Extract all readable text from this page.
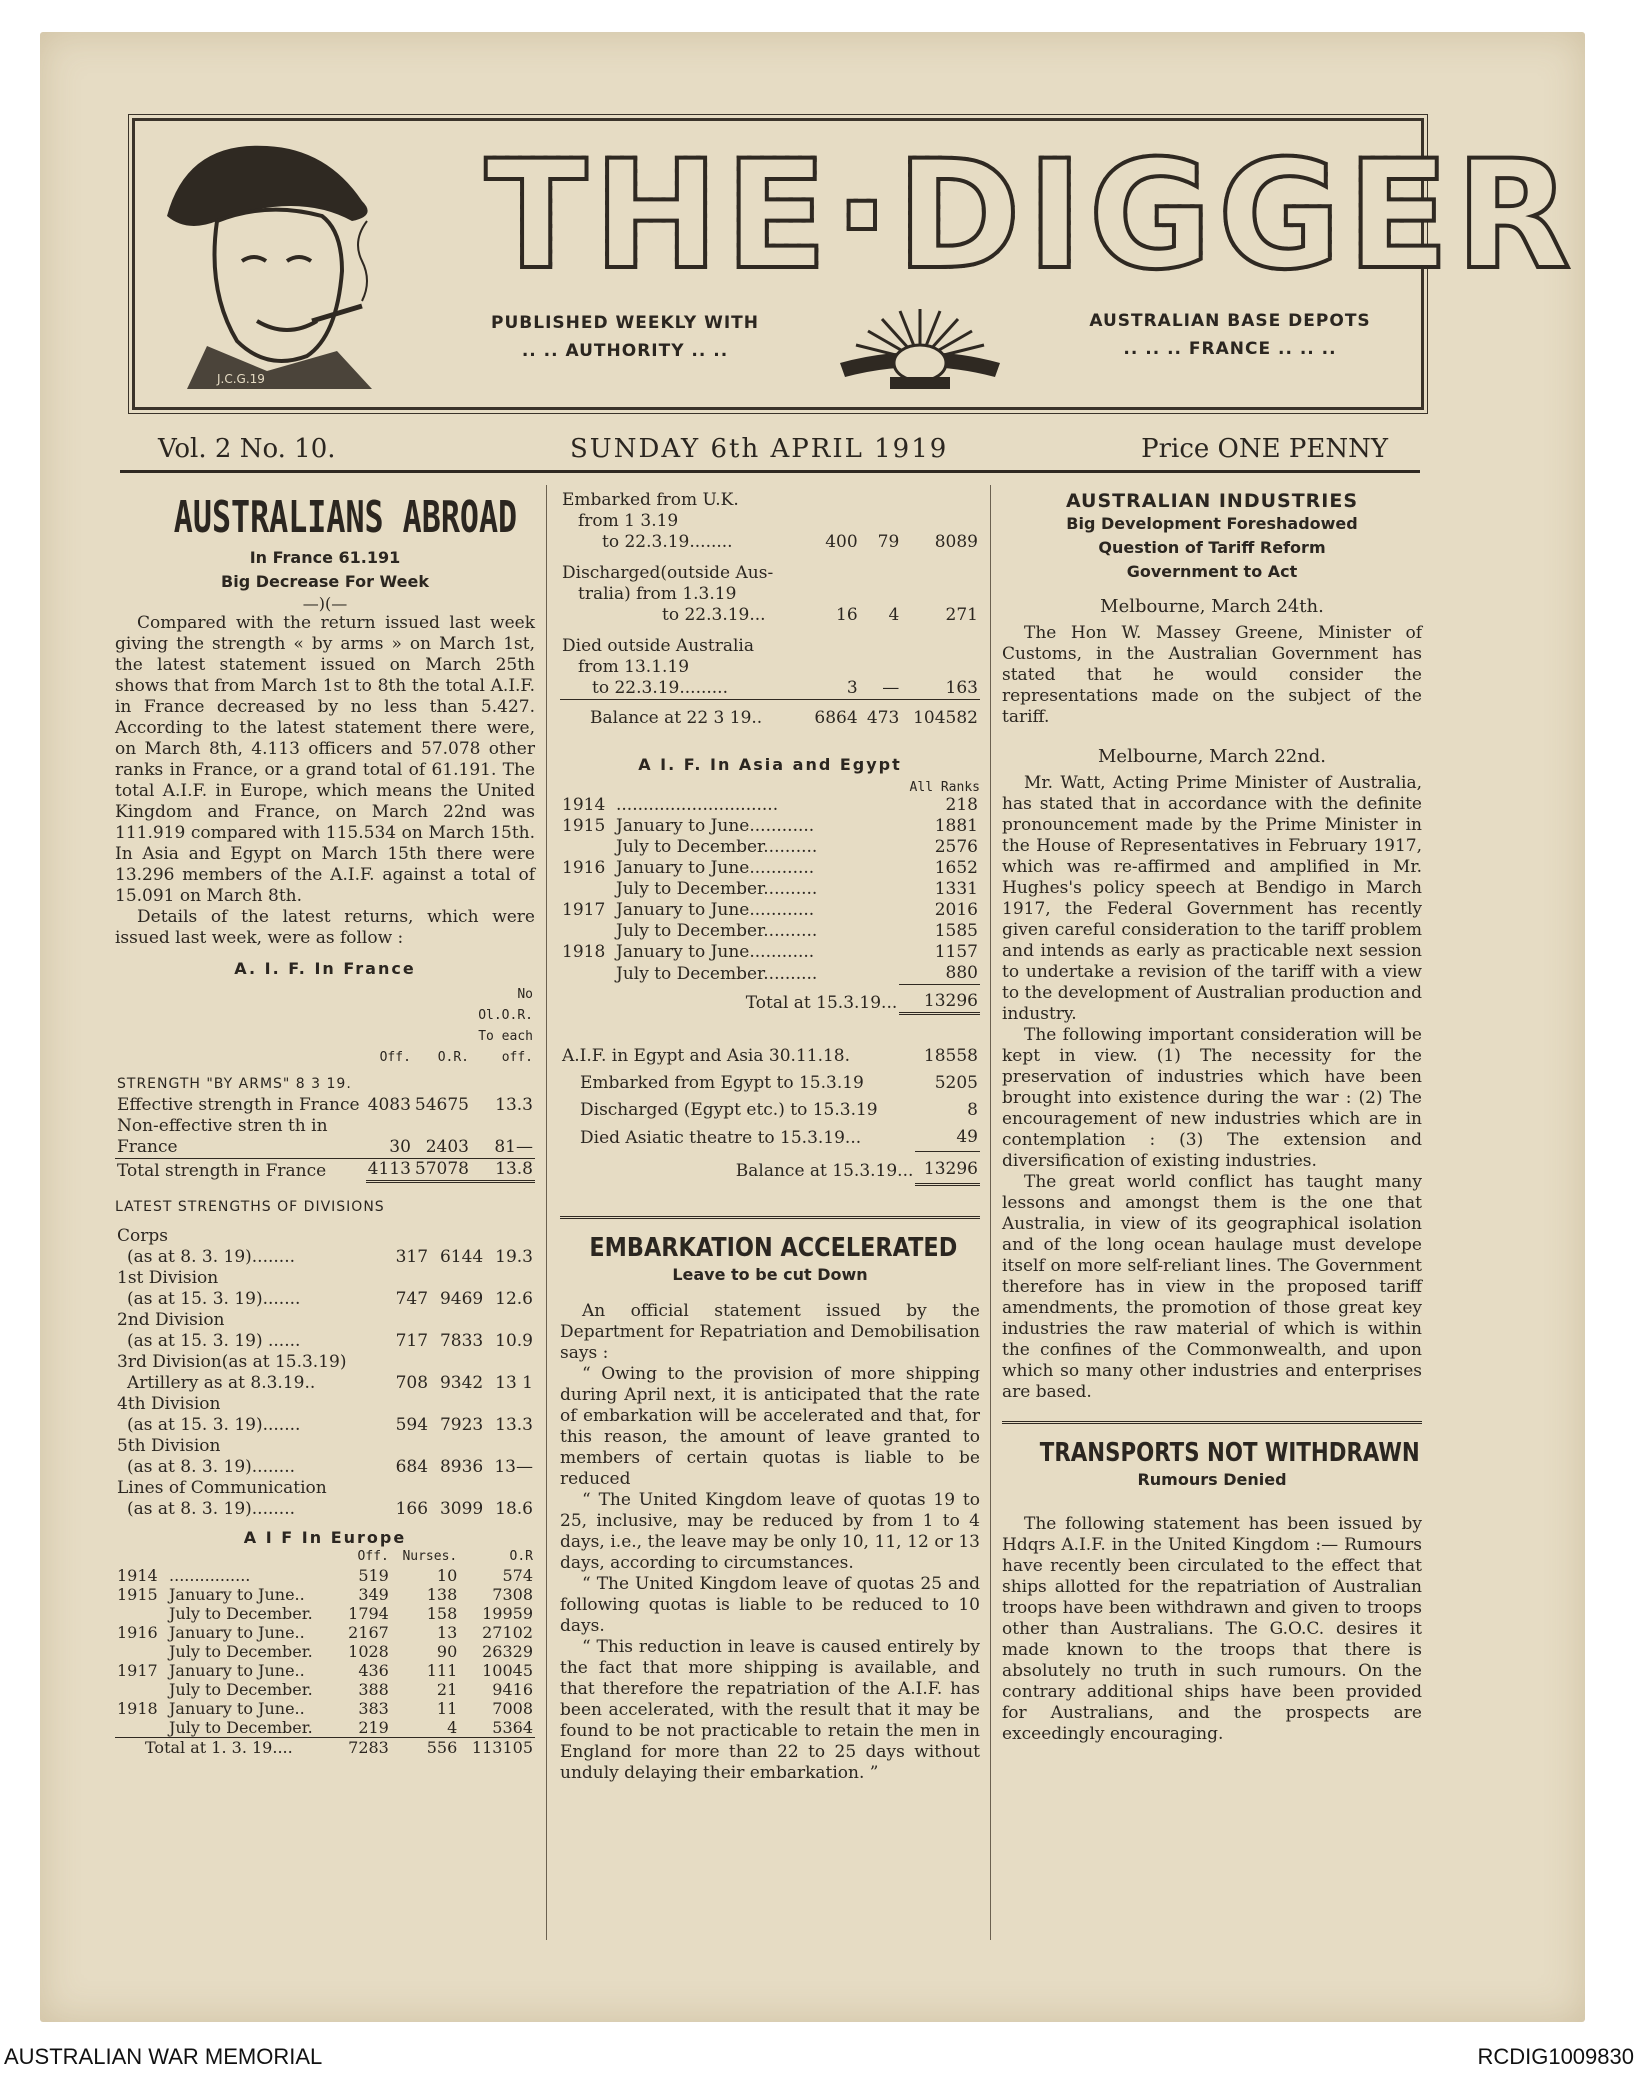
J.C.G.19
THE·DIGGER
PUBLISHED WEEKLY WITH
.. .. AUTHORITY .. ..
AUSTRALIAN BASE DEPOTS
.. .. .. FRANCE .. .. ..
Vol. 2 No. 10.	SUNDAY 6th APRIL 1919	Price ONE PENNY
AUSTRALIANS ABROAD
In France 61.191
Big Decrease For Week
—)(—

Compared with the return issued last week giving the strength « by arms » on March 1st, the latest statement issued on March 25th shows that from March 1st to 8th the total A.I.F. in France decreased by no less than 5.427. According to the latest statement there were, on March 8th, 4.113 officers and 57.078 other ranks in France, or a grand total of 61.191. The total A.I.F. in Europe, which means the United Kingdom and France, on March 22nd was 111.919 compared with 115.534 on March 15th. In Asia and Egypt on March 15th there were 13.296 members of the A.I.F. against a total of 15.091 on March 8th.

Details of the latest returns, which were issued last week, were as follow :

A. I. F. In France
	Off.	O.R.	No Ol.O.R. To each off.
STRENGTH "BY ARMS" 8 3 19.			
Effective strength in France	4083	54675	13.3
Non-effective stren th in France	30	2403	81—
Total strength in France	4113	57078	13.8
LATEST STRENGTHS OF DIVISIONS			
Corps
(as at 8. 3. 19)........	317	6144	19.3

1st Division
(as at 15. 3. 19).......	747	9469	12.6

2nd Division
(as at 15. 3. 19) ......	717	7833	10.9

3rd Division(as at 15.3.19)
Artillery as at 8.3.19..	708	9342	13 1

4th Division
(as at 15. 3. 19).......	594	7923	13.3

5th Division
(as at 8. 3. 19)........	684	8936	13—

Lines of Communication
(as at 8. 3. 19)........	166	3099	18.6
A I F In Europe
		Off.	Nurses.	O.R
1914	................	519	10	574
1915	January to June..	349	138	7308
	July to December.	1794	158	19959
1916	January to June..	2167	13	27102
	July to December.	1028	90	26329
1917	January to June..	436	111	10045
	July to December.	388	21	9416
1918	January to June..	383	11	7008
	July to December.	219	4	5364
Total at 1. 3. 19....		7283	556	113105
Embarked from U.K.
from 1 3.19
to 22.3.19........	400	79	8089

Discharged(outside Aus-
tralia) from 1.3.19
to 22.3.19...	16	4	271

Died outside Australia
from 13.1.19
to 22.3.19.........	3	—	163
Balance at 22 3 19..	6864	473	104582
A I. F. In Asia and Egypt
All Ranks
1914	..............................	218
1915	January to June............	1881
	July to December..........	2576
1916	January to June............	1652
	July to December..........	1331
1917	January to June............	2016
	July to December..........	1585
1918	January to June............	1157
	July to December..........	880
	Total at 15.3.19...	13296
A.I.F. in Egypt and Asia 30.11.18.	18558
Embarked from Egypt to 15.3.19	5205
Discharged (Egypt etc.) to 15.3.19	8
Died Asiatic theatre to 15.3.19...	49
Balance at 15.3.19...	13296
EMBARKATION ACCELERATED
Leave to be cut Down

An official statement issued by the Department for Repatriation and Demobilisation says :

“ Owing to the provision of more shipping during April next, it is anticipated that the rate of embarkation will be accelerated and that, for this reason, the amount of leave granted to members of certain quotas is liable to be reduced

“ The United Kingdom leave of quotas 19 to 25, inclusive, may be reduced by from 1 to 4 days, i.e., the leave may be only 10, 11, 12 or 13 days, according to circumstances.

“ The United Kingdom leave of quotas 25 and following quotas is liable to be reduced to 10 days.

“ This reduction in leave is caused entirely by the fact that more shipping is available, and that therefore the repatriation of the A.I.F. has been accelerated, with the result that it may be found to be not practicable to retain the men in England for more than 22 to 25 days without unduly delaying their embarkation. ”

AUSTRALIAN INDUSTRIES
Big Development Foreshadowed
Question of Tariff Reform
Government to Act
Melbourne, March 24th.

The Hon W. Massey Greene, Minister of Customs, in the Australian Government has stated that he would consider the representations made on the subject of the tariff.

Melbourne, March 22nd.

Mr. Watt, Acting Prime Minister of Australia, has stated that in accordance with the definite pronouncement made by the Prime Minister in the House of Representatives in February 1917, which was re-affirmed and amplified in Mr. Hughes's policy speech at Bendigo in March 1917, the Federal Government has recently given careful consideration to the tariff problem and intends as early as practicable next session to undertake a revision of the tariff with a view to the development of Australian production and industry.

The following important consideration will be kept in view. (1) The necessity for the preservation of industries which have been brought into existence during the war : (2) The encouragement of new industries which are in contemplation : (3) The extension and diversification of existing industries.

The great world conflict has taught many lessons and amongst them is the one that Australia, in view of its geographical isolation and of the long ocean haulage must develope itself on more self-reliant lines. The Government therefore has in view in the proposed tariff amendments, the promotion of those great key industries the raw material of which is within the confines of the Commonwealth, and upon which so many other industries and enterprises are based.

TRANSPORTS NOT WITHDRAWN
Rumours Denied

The following statement has been issued by Hdqrs A.I.F. in the United Kingdom :— Rumours have recently been circulated to the effect that ships allotted for the repatriation of Australian troops have been withdrawn and given to troops other than Australians. The G.O.C. desires it made known to the troops that there is absolutely no truth in such rumours. On the contrary additional ships have been provided for Australians, and the prospects are exceedingly encouraging.

AUSTRALIAN WAR MEMORIAL	RCDIG1009830
